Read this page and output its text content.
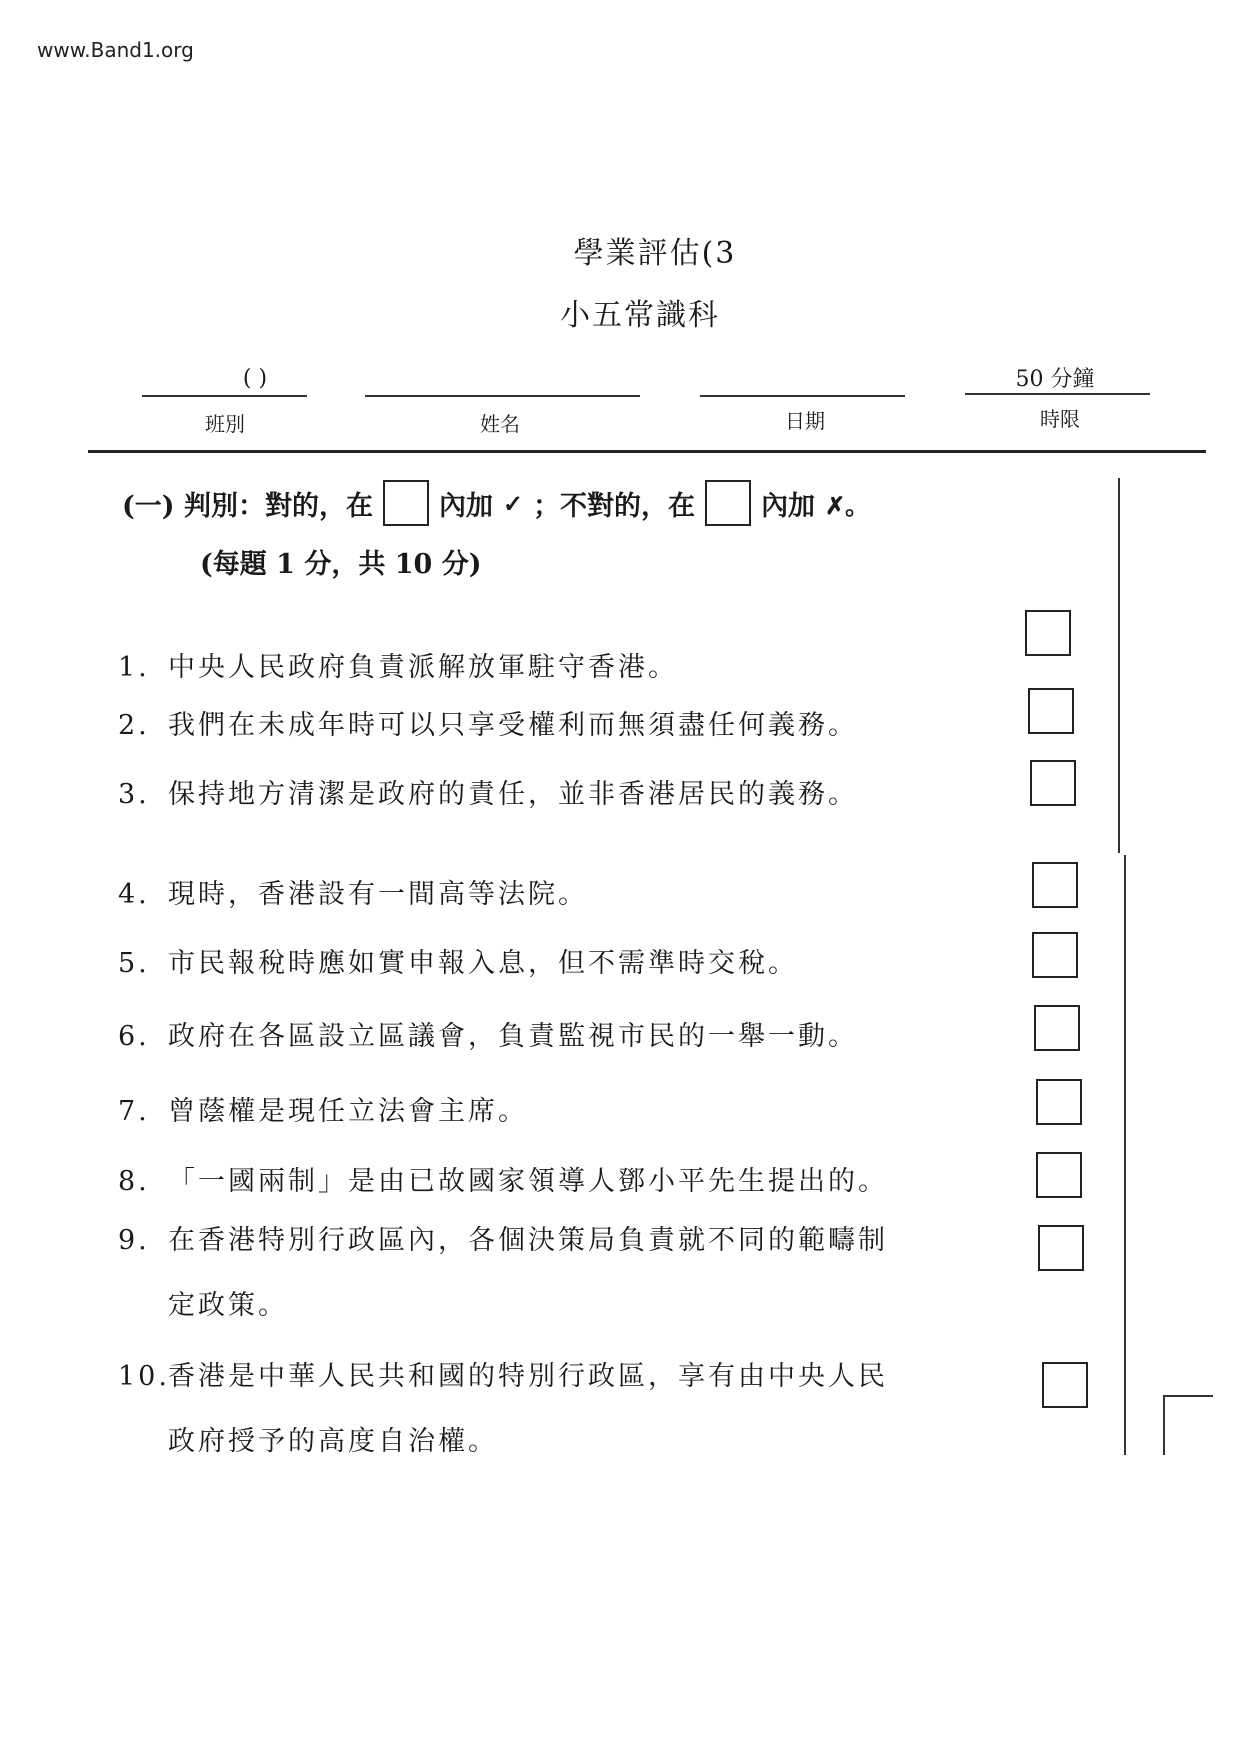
www.Band1.org
學業評估(3
小五常識科
( )
班別	姓名	日期
50 分鐘
時限
(一) 判別：對的，在 內加 ✓ ；不對的，在 內加 ✗。
(每題 1 分，共 10 分)
1. 中央人民政府負責派解放軍駐守香港。
2. 我們在未成年時可以只享受權利而無須盡任何義務。
3. 保持地方清潔是政府的責任，並非香港居民的義務。
4. 現時，香港設有一間高等法院。
5. 市民報稅時應如實申報入息，但不需準時交稅。
6. 政府在各區設立區議會，負責監視市民的一舉一動。
7. 曾蔭權是現任立法會主席。
8. 「一國兩制」是由已故國家領導人鄧小平先生提出的。
9. 在香港特別行政區內，各個決策局負責就不同的範疇制
定政策。
10.香港是中華人民共和國的特別行政區，享有由中央人民
政府授予的高度自治權。
